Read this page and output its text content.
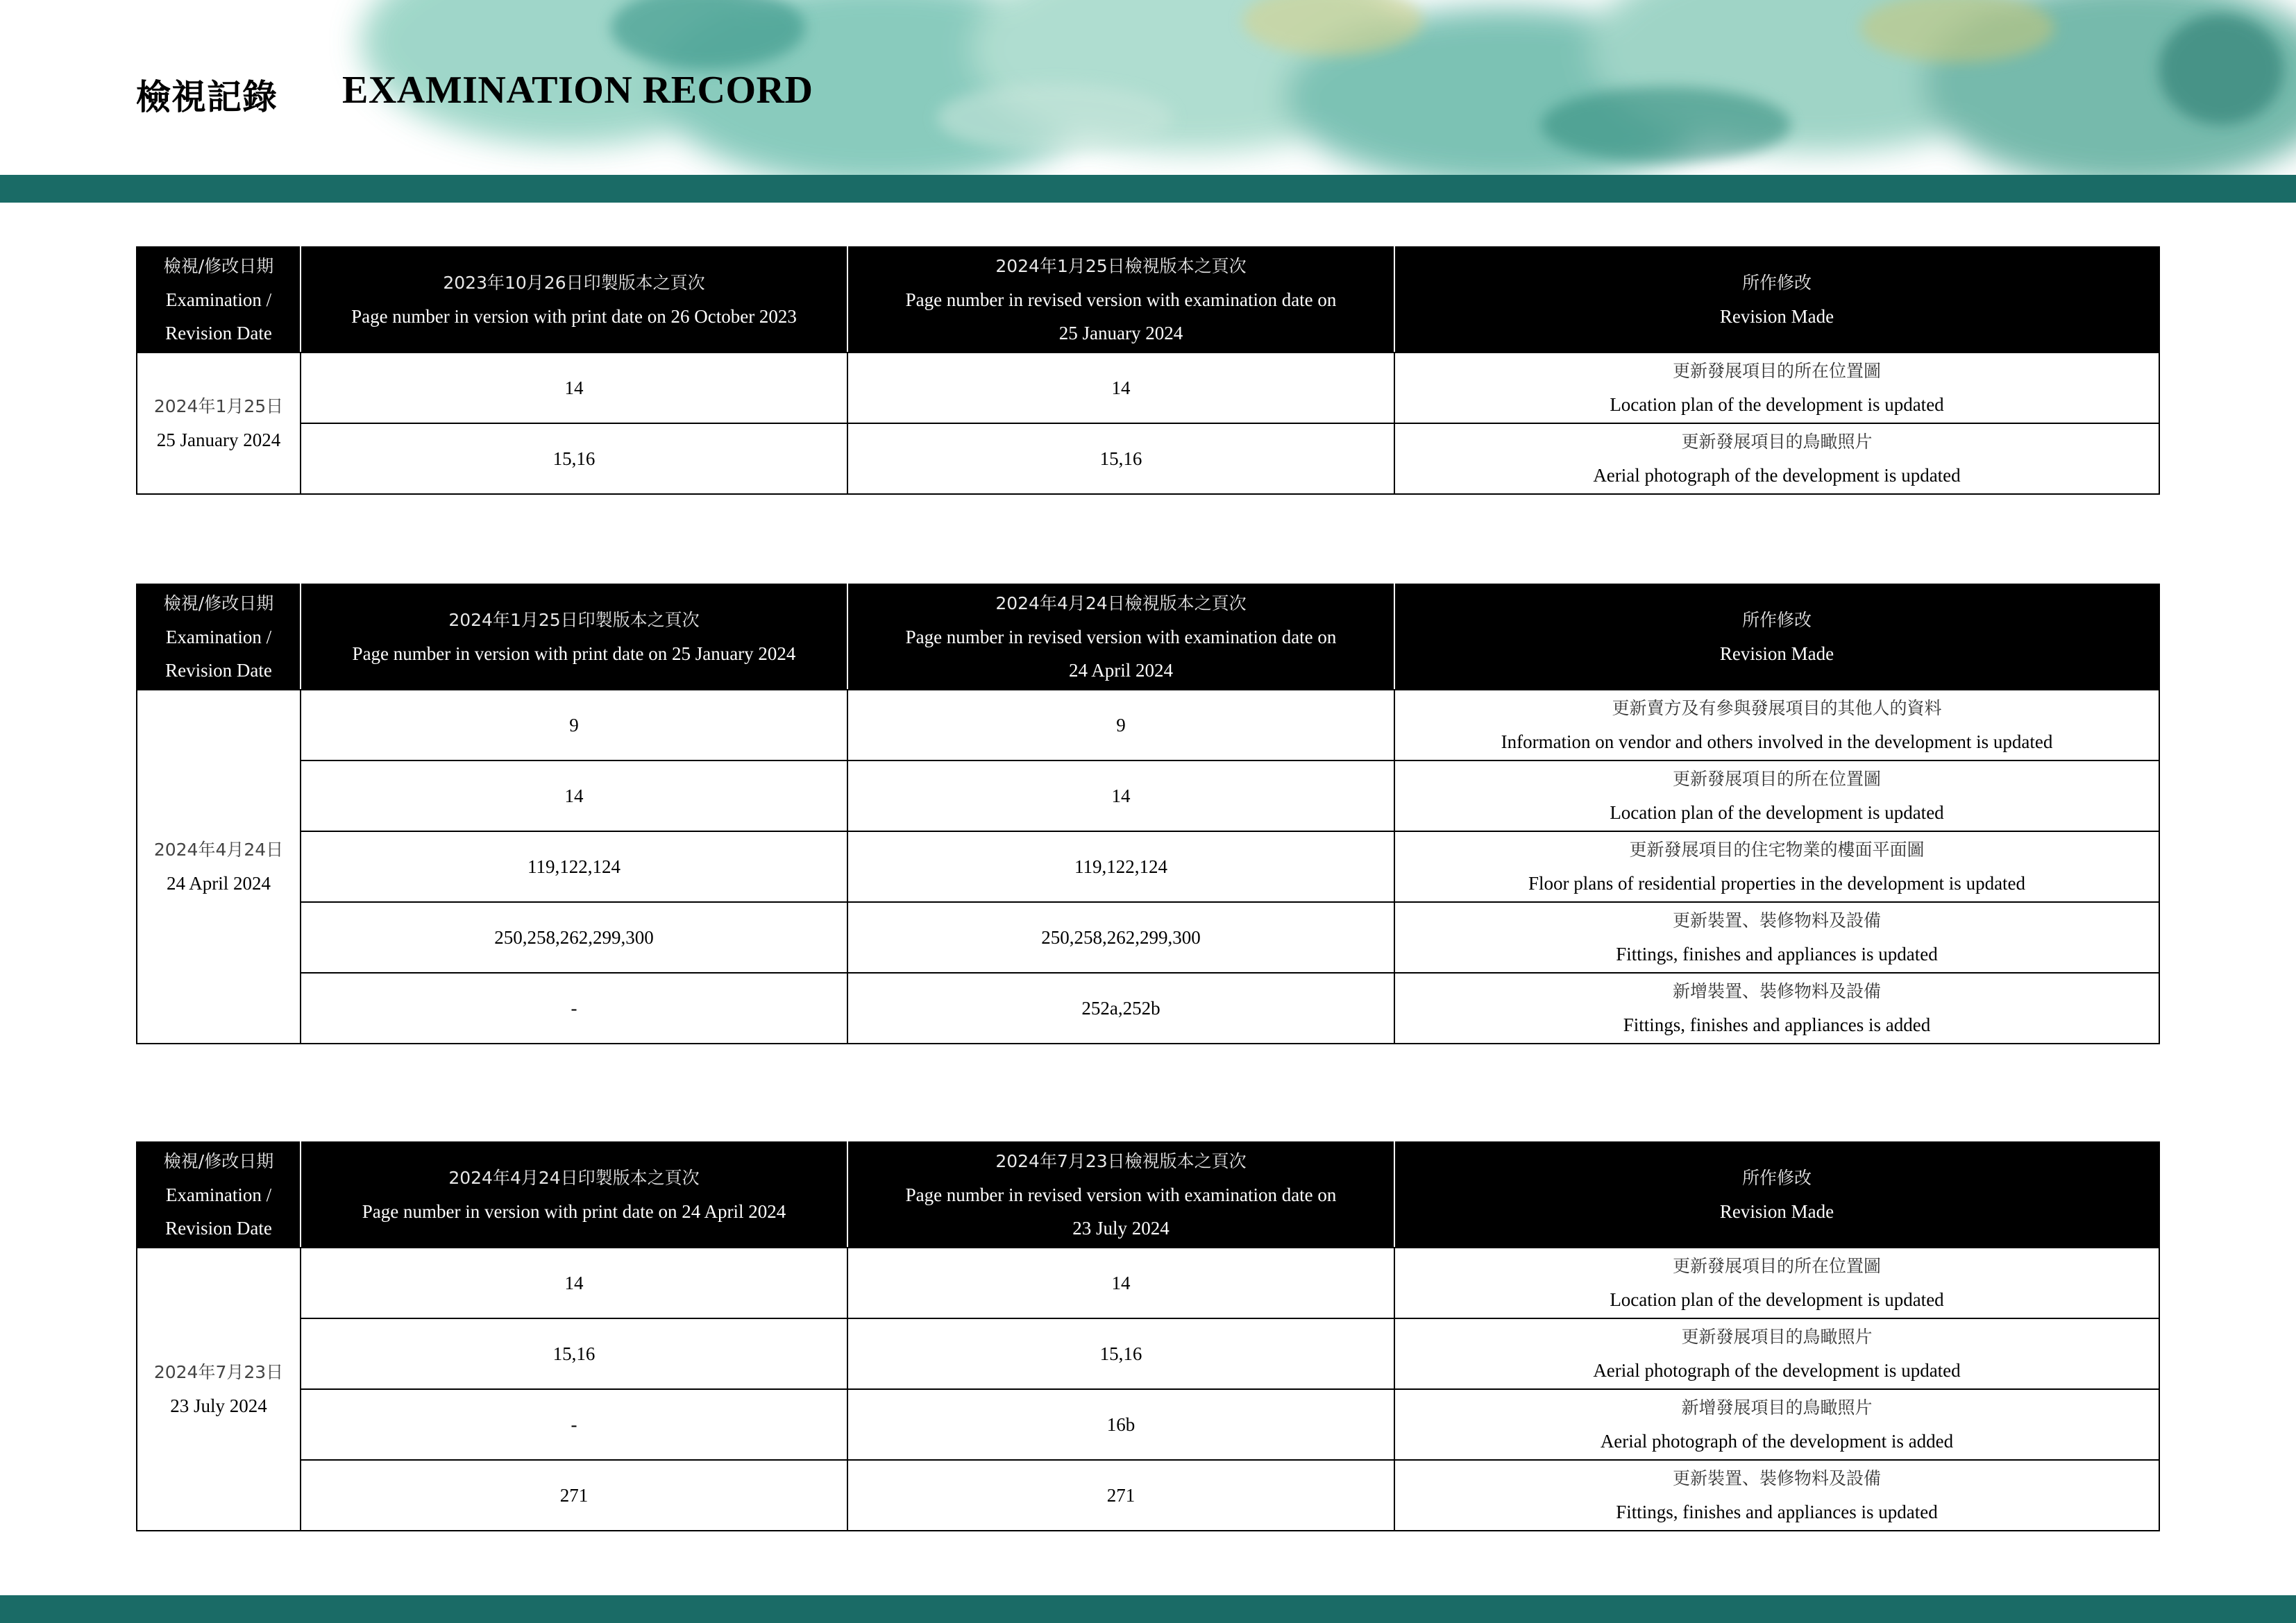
檢視記錄 EXAMINATION RECORD
檢視/修改日期
Examination /
Revision Date	2023年10月26日印製版本之頁次
Page number in version with print date on 26 October 2023	2024年1月25日檢視版本之頁次
Page number in revised version with examination date on
25 January 2024	所作修改
Revision Made

2024年1月25日
25 January 2024	14	14	更新發展項目的所在位置圖
Location plan of the development is updated

	15,16	15,16	更新發展項目的鳥瞰照片
Aerial photograph of the development is updated
檢視/修改日期
Examination /
Revision Date	2024年1月25日印製版本之頁次
Page number in version with print date on 25 January 2024	2024年4月24日檢視版本之頁次
Page number in revised version with examination date on
24 April 2024	所作修改
Revision Made

2024年4月24日
24 April 2024	9	9	更新賣方及有參與發展項目的其他人的資料
Information on vendor and others involved in the development is updated

	14	14	更新發展項目的所在位置圖
Location plan of the development is updated

	119,122,124	119,122,124	更新發展項目的住宅物業的樓面平面圖
Floor plans of residential properties in the development is updated

	250,258,262,299,300	250,258,262,299,300	更新裝置、裝修物料及設備
Fittings, finishes and appliances is updated

	-	252a,252b	新增裝置、裝修物料及設備
Fittings, finishes and appliances is added
檢視/修改日期
Examination /
Revision Date	2024年4月24日印製版本之頁次
Page number in version with print date on 24 April 2024	2024年7月23日檢視版本之頁次
Page number in revised version with examination date on
23 July 2024	所作修改
Revision Made

2024年7月23日
23 July 2024	14	14	更新發展項目的所在位置圖
Location plan of the development is updated

	15,16	15,16	更新發展項目的鳥瞰照片
Aerial photograph of the development is updated

	-	16b	新增發展項目的鳥瞰照片
Aerial photograph of the development is added

	271	271	更新裝置、裝修物料及設備
Fittings, finishes and appliances is updated
